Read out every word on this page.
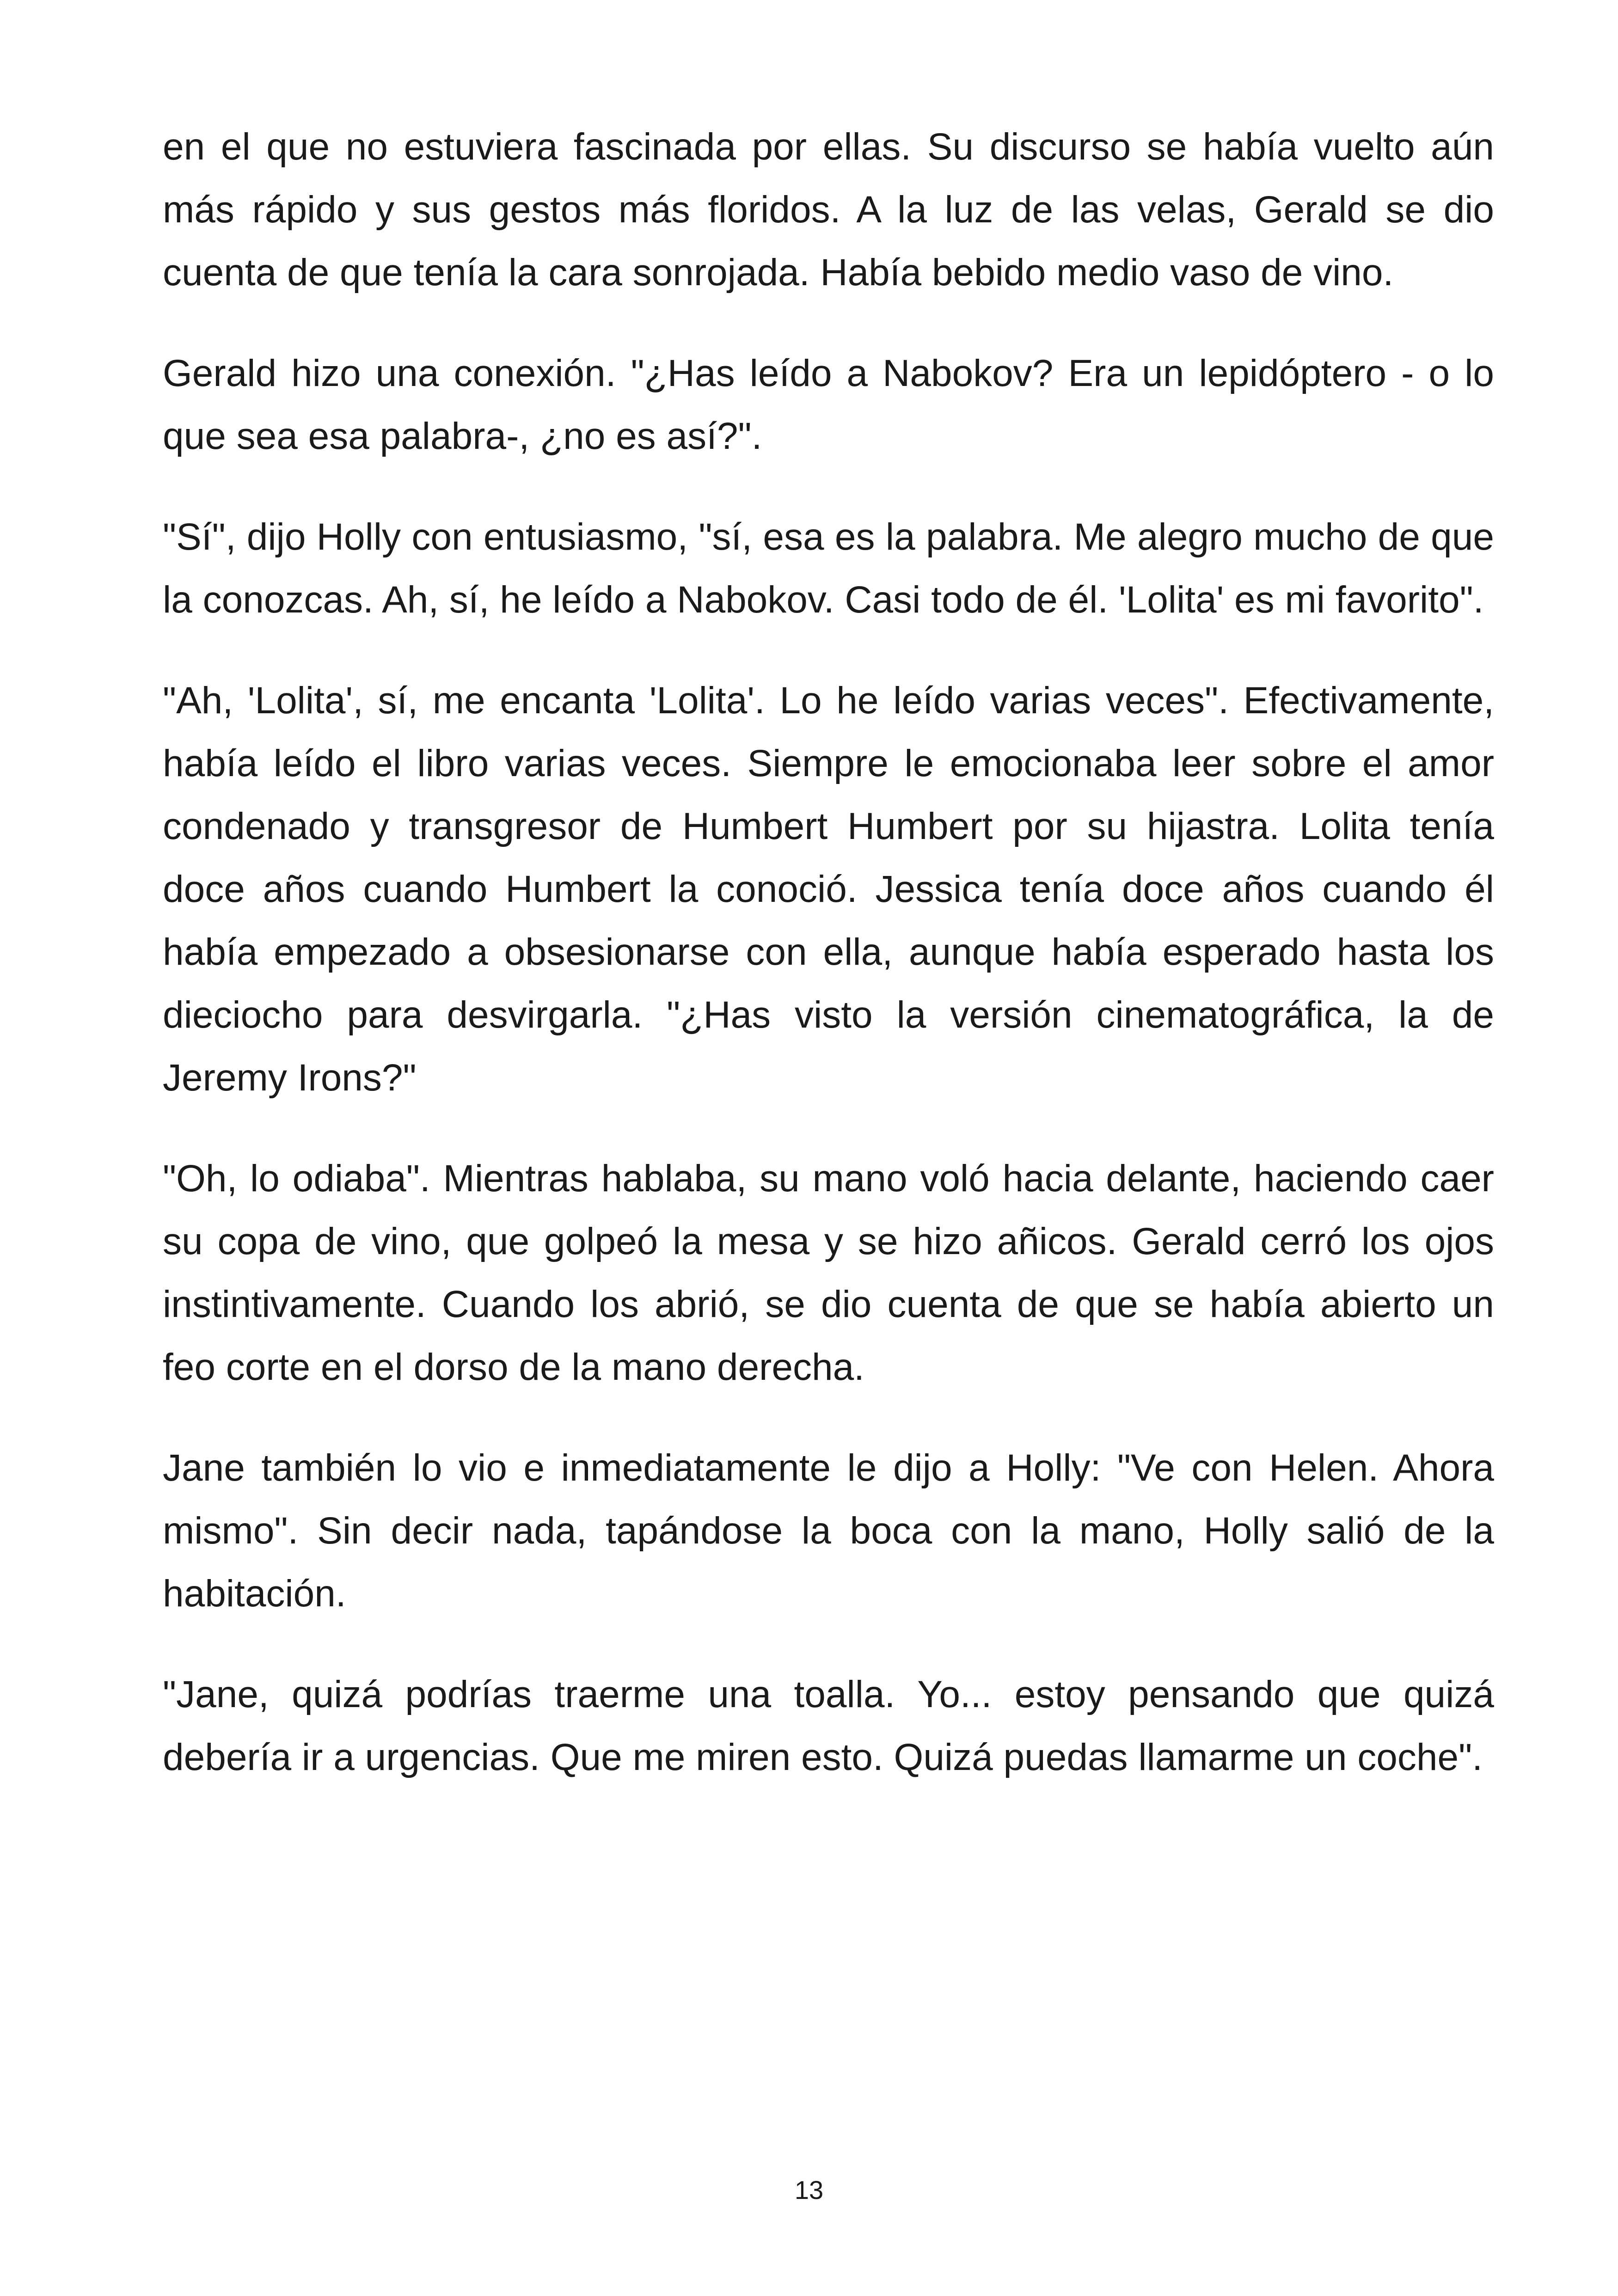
en el que no estuviera fascinada por ellas. Su discurso se había vuelto aún más rápido y sus gestos más floridos. A la luz de las velas, Gerald se dio cuenta de que tenía la cara sonrojada. Había bebido medio vaso de vino.

Gerald hizo una conexión. "¿Has leído a Nabokov? Era un lepidóptero - o lo que sea esa palabra-, ¿no es así?".

"Sí", dijo Holly con entusiasmo, "sí, esa es la palabra. Me alegro mucho de que la conozcas. Ah, sí, he leído a Nabokov. Casi todo de él. 'Lolita' es mi favorito".

"Ah, 'Lolita', sí, me encanta 'Lolita'. Lo he leído varias veces". Efectivamente, había leído el libro varias veces. Siempre le emocionaba leer sobre el amor condenado y transgresor de Humbert Humbert por su hijastra. Lolita tenía doce años cuando Humbert la conoció. Jessica tenía doce años cuando él había empezado a obsesionarse con ella, aunque había esperado hasta los dieciocho para desvirgarla. "¿Has visto la versión cinematográfica, la de Jeremy Irons?"

"Oh, lo odiaba". Mientras hablaba, su mano voló hacia delante, haciendo caer su copa de vino, que golpeó la mesa y se hizo añicos. Gerald cerró los ojos instintivamente. Cuando los abrió, se dio cuenta de que se había abierto un feo corte en el dorso de la mano derecha.

Jane también lo vio e inmediatamente le dijo a Holly: "Ve con Helen. Ahora mismo". Sin decir nada, tapándose la boca con la mano, Holly salió de la habitación.

"Jane, quizá podrías traerme una toalla. Yo... estoy pensando que quizá debería ir a urgencias. Que me miren esto. Quizá puedas llamarme un coche".

13
